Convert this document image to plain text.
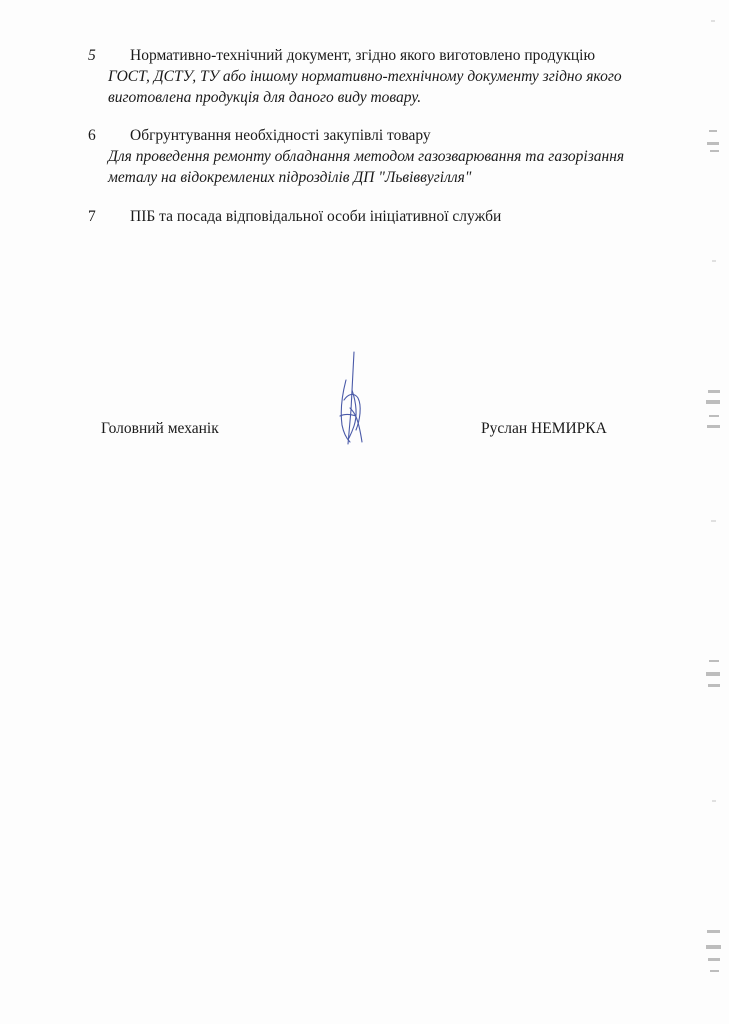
5	Нормативно-технічний документ, згідно якого виготовлено продукцію
ГОСТ, ДСТУ, ТУ або іншому нормативно-технічному документу згідно якого
виготовлена продукція для даного виду товару.
6	Обгрунтування необхідності закупівлі товару
Для проведення ремонту обладнання методом газозварювання та газорізання
металу на відокремлених підрозділів ДП "Львіввугілля"
7	ПІБ та посада відповідальної особи ініціативної служби
Головний механік	Руслан НЕМИРКА
